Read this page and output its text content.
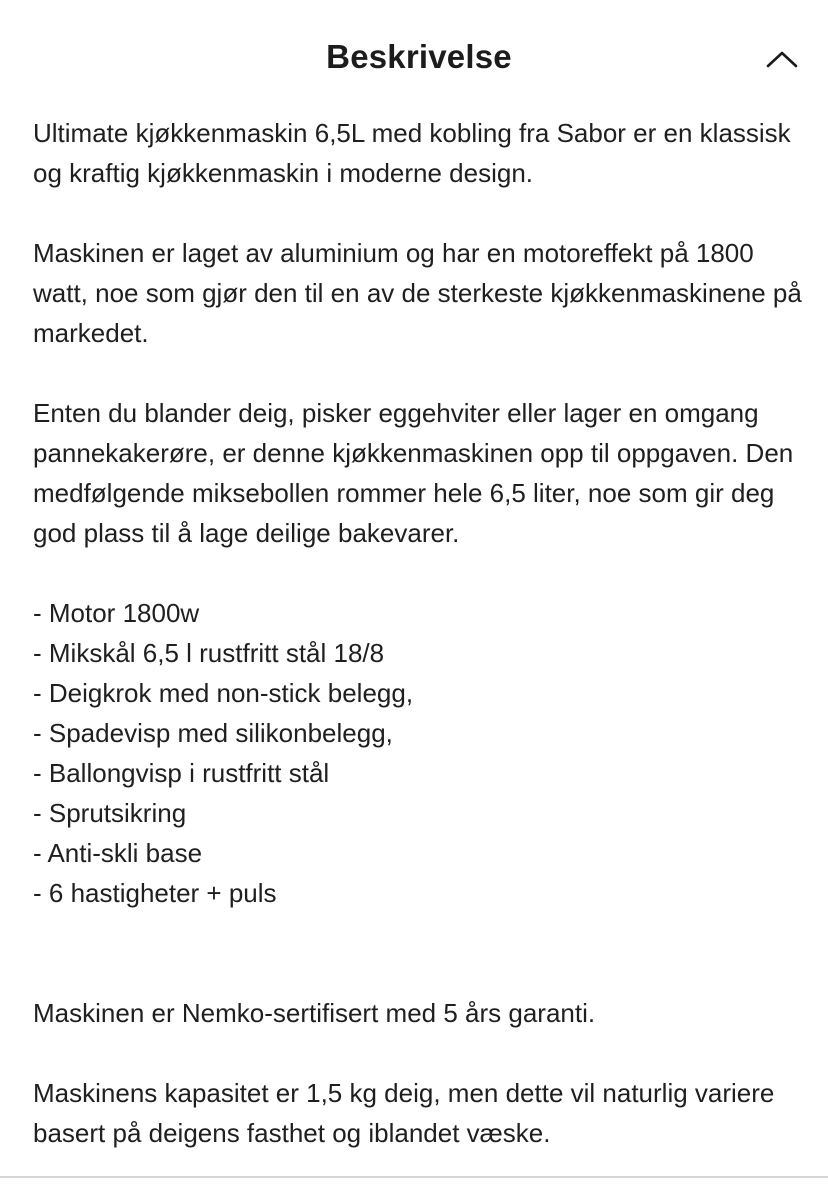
Beskrivelse

Ultimate kjøkkenmaskin 6,5L med kobling fra Sabor er en klassisk og kraftig kjøkkenmaskin i moderne design.

Maskinen er laget av aluminium og har en motoreffekt på 1800 watt, noe som gjør den til en av de sterkeste kjøkkenmaskinene på markedet.

Enten du blander deig, pisker eggehviter eller lager en omgang pannekakerøre, er denne kjøkkenmaskinen opp til oppgaven. Den medfølgende miksebollen rommer hele 6,5 liter, noe som gir deg god plass til å lage deilige bakevarer.

- Motor 1800w
- Mikskål 6,5 l rustfritt stål 18/8
- Deigkrok med non-stick belegg,
- Spadevisp med silikonbelegg,
- Ballongvisp i rustfritt stål
- Sprutsikring
- Anti-skli base
- 6 hastigheter + puls

Maskinen er Nemko-sertifisert med 5 års garanti.

Maskinens kapasitet er 1,5 kg deig, men dette vil naturlig variere basert på deigens fasthet og iblandet væske.
